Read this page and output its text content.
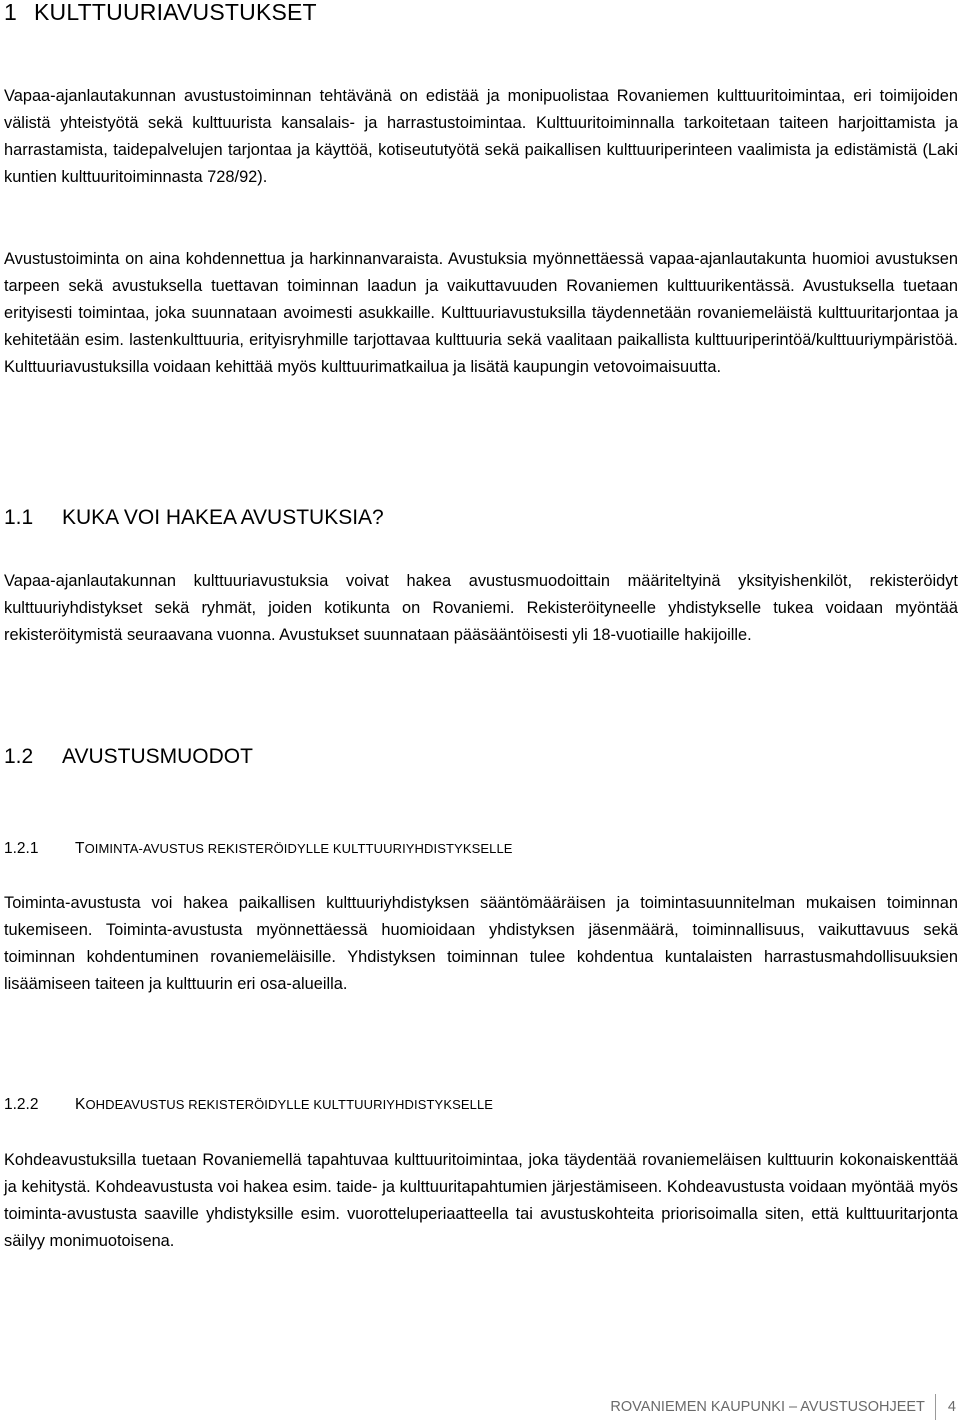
1 KULTTUURIAVUSTUKSET

Vapaa-ajanlautakunnan avustustoiminnan tehtävänä on edistää ja monipuolistaa Rovaniemen kulttuuritoimintaa, eri toimijoiden välistä yhteistyötä sekä kulttuurista kansalais- ja harrastustoimintaa. Kulttuuritoiminnalla tarkoitetaan taiteen harjoittamista ja harrastamista, taidepalvelujen tarjontaa ja käyttöä, kotiseututyötä sekä paikallisen kulttuuriperinteen vaalimista ja edistämistä (Laki kuntien kulttuuritoiminnasta 728/92).

Avustustoiminta on aina kohdennettua ja harkinnanvaraista. Avustuksia myönnettäessä vapaa-ajanlautakunta huomioi avustuksen tarpeen sekä avustuksella tuettavan toiminnan laadun ja vaikuttavuuden Rovaniemen kulttuurikentässä. Avustuksella tuetaan erityisesti toimintaa, joka suunnataan avoimesti asukkaille. Kulttuuriavustuksilla täydennetään rovaniemeläistä kulttuuritarjontaa ja kehitetään esim. lastenkulttuuria, erityisryhmille tarjottavaa kulttuuria sekä vaalitaan paikallista kulttuuriperintöä/kulttuuriympäristöä. Kulttuuriavustuksilla voidaan kehittää myös kulttuurimatkailua ja lisätä kaupungin vetovoimaisuutta.

1.1 KUKA VOI HAKEA AVUSTUKSIA?

Vapaa-ajanlautakunnan kulttuuriavustuksia voivat hakea avustusmuodoittain määriteltyinä yksityishenkilöt, rekisteröidyt kulttuuriyhdistykset sekä ryhmät, joiden kotikunta on Rovaniemi. Rekisteröityneelle yhdistykselle tukea voidaan myöntää rekisteröitymistä seuraavana vuonna. Avustukset suunnataan pääsääntöisesti yli 18-vuotiaille hakijoille.

1.2 AVUSTUSMUODOT
1.2.1 TOIMINTA-AVUSTUS REKISTERÖIDYLLE KULTTUURIYHDISTYKSELLE

Toiminta-avustusta voi hakea paikallisen kulttuuriyhdistyksen sääntömääräisen ja toimintasuunnitelman mukaisen toiminnan tukemiseen. Toiminta-avustusta myönnettäessä huomioidaan yhdistyksen jäsenmäärä, toiminnallisuus, vaikuttavuus sekä toiminnan kohdentuminen rovaniemeläisille. Yhdistyksen toiminnan tulee kohdentua kuntalaisten harrastusmahdollisuuksien lisäämiseen taiteen ja kulttuurin eri osa-alueilla.

1.2.2 KOHDEAVUSTUS REKISTERÖIDYLLE KULTTUURIYHDISTYKSELLE

Kohdeavustuksilla tuetaan Rovaniemellä tapahtuvaa kulttuuritoimintaa, joka täydentää rovaniemeläisen kulttuurin kokonaiskenttää ja kehitystä. Kohdeavustusta voi hakea esim. taide- ja kulttuuritapahtumien järjestämiseen. Kohdeavustusta voidaan myöntää myös toiminta-avustusta saaville yhdistyksille esim. vuorotteluperiaatteella tai avustuskohteita priorisoimalla siten, että kulttuuritarjonta säilyy monimuotoisena.

ROVANIEMEN KAUPUNKI – AVUSTUSOHJEET 4
